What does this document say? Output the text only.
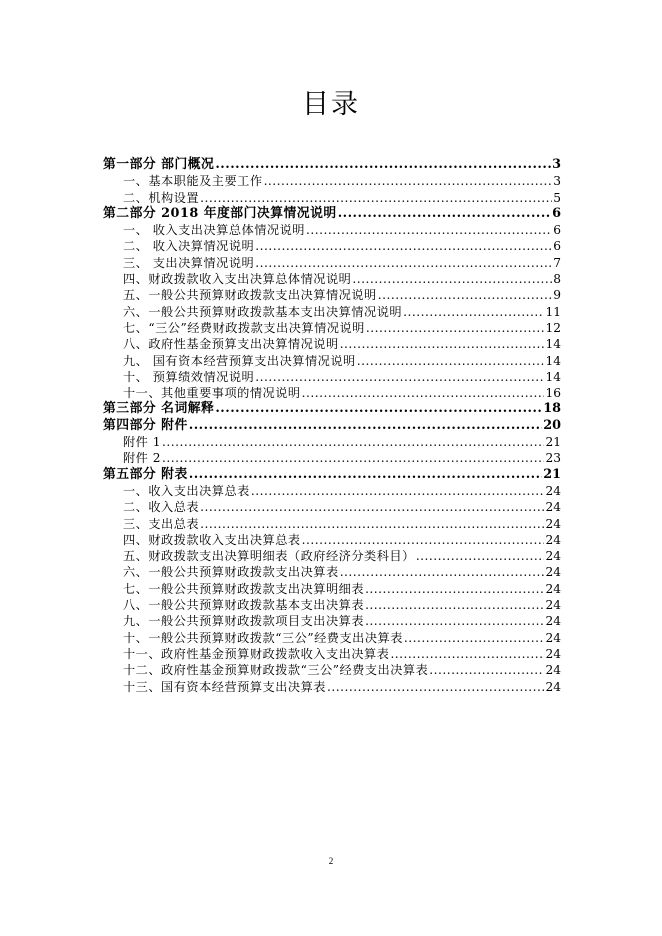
目录
第一部分 部门概况 .....	3
一、基本职能及主要工作 .....	3
二、机构设置 .....	5
第二部分 2018 年度部门决算情况说明 .....	6
一、 收入支出决算总体情况说明 .....	6
二、 收入决算情况说明 .....	6
三、 支出决算情况说明 .....	7
四、财政拨款收入支出决算总体情况说明 .....	8
五、一般公共预算财政拨款支出决算情况说明 .....	9
六、一般公共预算财政拨款基本支出决算情况说明 .....	11
七、“三公”经费财政拨款支出决算情况说明 .....	12
八、政府性基金预算支出决算情况说明 .....	14
九、 国有资本经营预算支出决算情况说明 .....	14
十、 预算绩效情况说明 .....	14
十一、其他重要事项的情况说明 .....	16
第三部分 名词解释 .....	18
第四部分 附件 .....	20
附件 1 .....	21
附件 2 .....	23
第五部分 附表 .....	21
一、收入支出决算总表 .....	24
二、收入总表 .....	24
三、支出总表 .....	24
四、财政拨款收入支出决算总表 .....	24
五、财政拨款支出决算明细表（政府经济分类科目） .....	24
六、一般公共预算财政拨款支出决算表 .....	24
七、一般公共预算财政拨款支出决算明细表 .....	24
八、一般公共预算财政拨款基本支出决算表 .....	24
九、一般公共预算财政拨款项目支出决算表 .....	24
十、一般公共预算财政拨款“三公”经费支出决算表 .....	24
十一、政府性基金预算财政拨款收入支出决算表 .....	24
十二、政府性基金预算财政拨款“三公”经费支出决算表 .....	24
十三、国有资本经营预算支出决算表 .....	24
2
